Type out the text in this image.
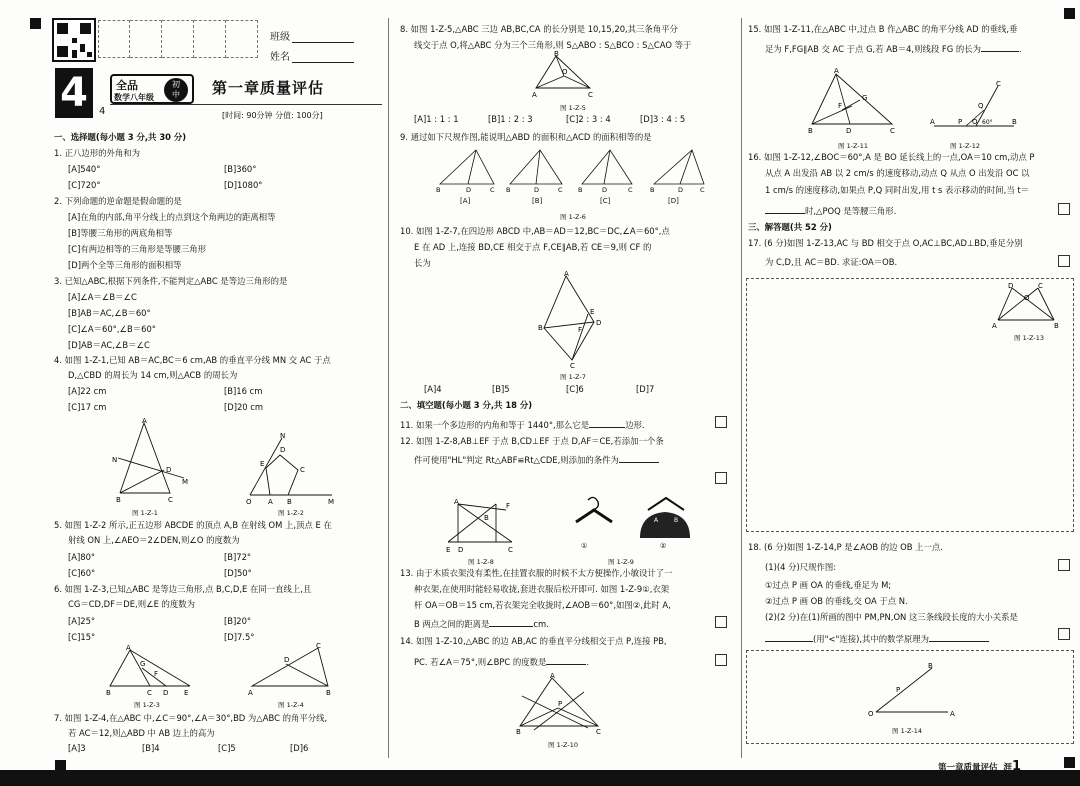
班级
姓名
4	4
全品
数学八年级
初
中	第一章质量评估
[时间: 90分钟 分值: 100分]
一、选择题(每小题 3 分,共 30 分)
1. 正八边形的外角和为
[A]540°	[B]360°
[C]720°	[D]1080°
2. 下列命题的逆命题是假命题的是
[A]在角的内部,角平分线上的点到这个角两边的距离相等
[B]等腰三角形的两底角相等
[C]有两边相等的三角形是等腰三角形
[D]两个全等三角形的面积相等
3. 已知△ABC,根据下列条件,不能判定△ABC 是等边三角形的是
[A]∠A＝∠B＝∠C
[B]AB＝AC,∠B＝60°
[C]∠A＝60°,∠B＝60°
[D]AB＝AC,∠B＝∠C
4. 如图 1-Z-1,已知 AB＝AC,BC＝6 cm,AB 的垂直平分线 MN 交 AC 于点
D,△CBD 的周长为 14 cm,则△ACB 的周长为
[A]22 cm	[B]16 cm
[C]17 cm	[D]20 cm
A
N
D
M
B	C
图 1-Z-1
O A B	M
C
D
E
N
图 1-Z-2
5. 如图 1-Z-2 所示,正五边形 ABCDE 的顶点 A,B 在射线 OM 上,顶点 E 在
射线 ON 上,∠AEO＝2∠DEN,则∠O 的度数为
[A]80°	[B]72°
[C]60°	[D]50°
6. 如图 1-Z-3,已知△ABC 是等边三角形,点 B,C,D,E 在同一直线上,且
CG＝CD,DF＝DE,则∠E 的度数为
[A]25°	[B]20°
[C]15°	[D]7.5°
A
G
F
B	C D E
图 1-Z-3
C
D
A	B
图 1-Z-4
7. 如图 1-Z-4,在△ABC 中,∠C＝90°,∠A＝30°,BD 为△ABC 的角平分线,
若 AC＝12,则△ABD 中 AB 边上的高为
[A]3	[B]4	[C]5	[D]6
8. 如图 1-Z-5,△ABC 三边 AB,BC,CA 的长分别是 10,15,20,其三条角平分
线交于点 O,将△ABC 分为三个三角形,则 S△ABO : S△BCO : S△CAO 等于
B
O
A	C
图 1-Z-5
[A]1 : 1 : 1	[B]1 : 2 : 3	[C]2 : 3 : 4	[D]3 : 4 : 5
9. 通过如下尺规作图,能说明△ABD 的面积和△ACD 的面积相等的是
B	D	C B	D	C B	D	C	B	D	C
[A]	[B]	[C]	[D]
图 1-Z-6
10. 如图 1-Z-7,在四边形 ABCD 中,AB＝AD＝12,BC＝DC,∠A＝60°,点
E 在 AD 上,连接 BD,CE 相交于点 F,CE∥AB,若 CE＝9,则 CF 的
长为
A
B
D
E
F
C
图 1-Z-7
[A]4	[B]5	[C]6	[D]7
二、填空题(每小题 3 分,共 18 分)
11. 如果一个多边形的内角和等于 1440°,那么它是	边形.
12. 如图 1-Z-8,AB⊥EF 于点 B,CD⊥EF 于点 D,AF＝CE,若添加一个条
件可使用"HL"判定 Rt△ABF≌Rt△CDE,则添加的条件为
A	F
B
E D	C
图 1-Z-8
A	B
①	②
图 1-Z-9
13. 由于木质衣架没有柔性,在挂置衣服的时候不太方便操作,小敏设计了一
种衣架,在使用时能轻易收拢,套进衣服后松开即可. 如图 1-Z-9①,衣架
杆 OA＝OB＝15 cm,若衣架完全收拢时,∠AOB＝60°,如图②,此时 A,
B 两点之间的距离是	cm.
14. 如图 1-Z-10,△ABC 的边 AB,AC 的垂直平分线相交于点 P,连接 PB,
PC. 若∠A＝75°,则∠BPC 的度数是	.
A
P
B	C
图 1-Z-10
15. 如图 1-Z-11,在△ABC 中,过点 B 作△ABC 的角平分线 AD 的垂线,垂
足为 F,FG∥AB 交 AC 于点 G,若 AB＝4,则线段 FG 的长为	.
A
G
F
B	D	C
图 1-Z-11
A	P O 60°
Q
C
B
图 1-Z-12
16. 如图 1-Z-12,∠BOC＝60°,A 是 BO 延长线上的一点,OA＝10 cm,动点 P
从点 A 出发沿 AB 以 2 cm/s 的速度移动,动点 Q 从点 O 出发沿 OC 以
1 cm/s 的速度移动,如果点 P,Q 同时出发,用 t s 表示移动的时间,当 t＝
时,△POQ 是等腰三角形.
三、解答题(共 52 分)
17. (6 分)如图 1-Z-13,AC 与 BD 相交于点 O,AC⊥BC,AD⊥BD,垂足分别
为 C,D,且 AC＝BD. 求证:OA＝OB.
D	C
O
A	B
图 1-Z-13
18. (6 分)如图 1-Z-14,P 是∠AOB 的边 OB 上一点.
(1)(4 分)尺规作图:
①过点 P 画 OA 的垂线,垂足为 M;
②过点 P 画 OB 的垂线,交 OA 于点 N.
(2)(2 分)在(1)所画的图中 PM,PN,ON 这三条线段长度的大小关系是
(用"<"连接),其中的数学原理为
O	A
P
B
图 1-Z-14
第一章质量评估 涯1
